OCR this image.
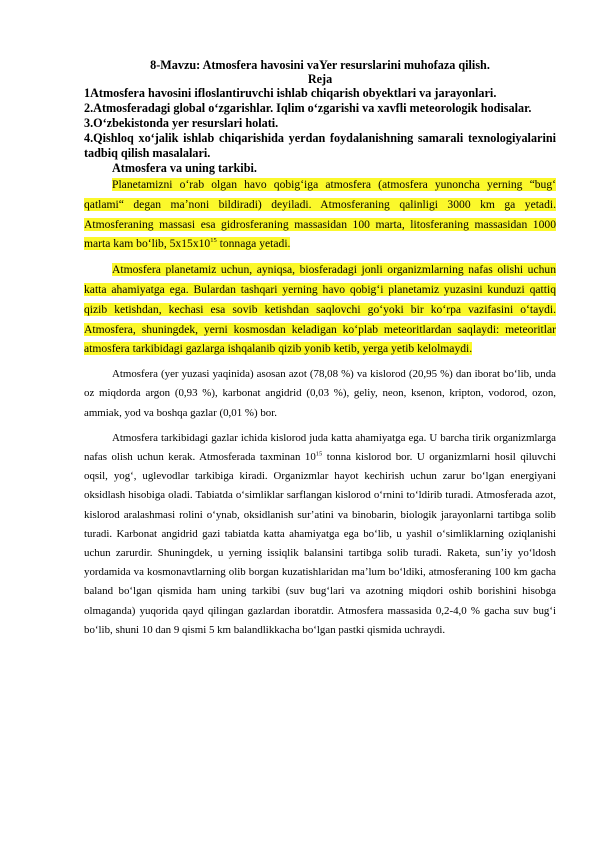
8-Mavzu: Atmosfera havosini vaYer resurslarini muhofaza qilish.
Reja
1Atmosfera havosini ifloslantiruvchi ishlab chiqarish obyektlari va jarayonlari.
2.Atmosferadagi global oʻzgarishlar. Iqlim oʻzgarishi va xavfli meteorologik hodisalar.
3.Oʻzbekistonda yer resurslari holati.
4.Qishloq xoʻjalik ishlab chiqarishida yerdan foydalanishning samarali texnologiyalarini tadbiq qilish masalalari.
Atmosfera va uning tarkibi.

Planetamizni oʻrab olgan havo qobigʻiga atmosfera (atmosfera yunoncha yerning “bugʻ qatlami“ degan maʼnoni bildiradi) deyiladi. Atmosferaning qalinligi 3000 km ga yetadi. Atmosferaning massasi esa gidrosferaning massasidan 100 marta, litosferaning massasidan 1000 marta kam boʻlib, $5x15x10^{15}$ tonnaga yetadi.

Atmosfera planetamiz uchun, ayniqsa, biosferadagi jonli organizmlarning nafas olishi uchun katta ahamiyatga ega. Bulardan tashqari yerning havo qobigʻi planetamiz yuzasini kunduzi qattiq qizib ketishdan, kechasi esa sovib ketishdan saqlovchi goʻyoki bir koʻrpa vazifasini oʻtaydi. Atmosfera, shuningdek, yerni kosmosdan keladigan koʻplab meteoritlardan saqlaydi: meteoritlar atmosfera tarkibidagi gazlarga ishqalanib qizib yonib ketib, yerga yetib kelolmaydi.

Atmosfera (yer yuzasi yaqinida) asosan azot (78,08 %) va kislorod (20,95 %) dan iborat boʻlib, unda oz miqdorda argon (0,93 %), karbonat angidrid (0,03 %), geliy, neon, ksenon, kripton, vodorod, ozon, ammiak, yod va boshqa gazlar (0,01 %) bor.

Atmosfera tarkibidagi gazlar ichida kislorod juda katta ahamiyatga ega. U barcha tirik organizmlarga nafas olish uchun kerak. Atmosferada taxminan $10^{15}$ tonna kislorod bor. U organizmlarni hosil qiluvchi oqsil, yogʻ, uglevodlar tarkibiga kiradi. Organizmlar hayot kechirish uchun zarur boʻlgan energiyani oksidlash hisobiga oladi. Tabiatda oʻsimliklar sarflangan kislorod oʻrnini toʻldirib turadi. Atmosferada azot, kislorod aralashmasi rolini oʻynab, oksidlanish surʼatini va binobarin, biologik jarayonlarni tartibga solib turadi. Karbonat angidrid gazi tabiatda katta ahamiyatga ega boʻlib, u yashil oʻsimliklarning oziqlanishi uchun zarurdir. Shuningdek, u yerning issiqlik balansini tartibga solib turadi. Raketa, sunʼiy yoʻldosh yordamida va kosmonavtlarning olib borgan kuzatishlaridan maʼlum boʻldiki, atmosferaning 100 km gacha baland boʻlgan qismida ham uning tarkibi (suv bugʻlari va azotning miqdori oshib borishini hisobga olmaganda) yuqorida qayd qilingan gazlardan iboratdir. Atmosfera massasida 0,2-4,0 % gacha suv bugʻi boʻlib, shuni 10 dan 9 qismi 5 km balandlikkacha boʻlgan pastki qismida uchraydi.
